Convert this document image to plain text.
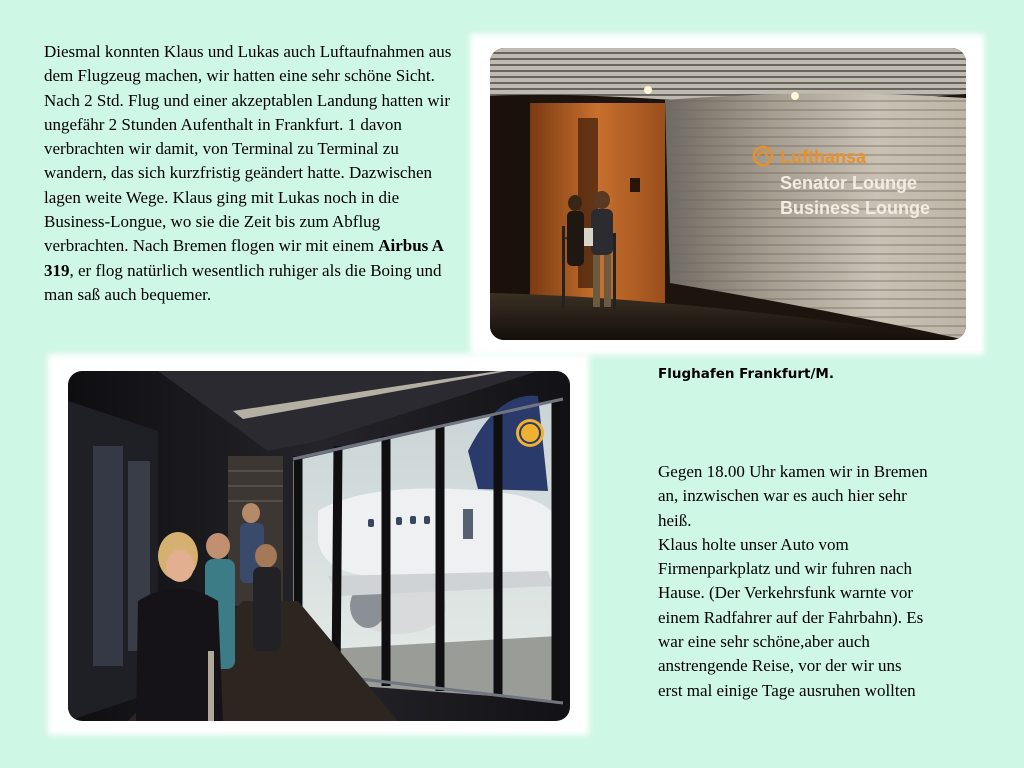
Diesmal konnten Klaus und Lukas auch Luftaufnahmen aus dem Flugzeug machen, wir hatten eine sehr schöne Sicht. Nach 2 Std. Flug und einer akzeptablen Landung hatten wir ungefähr 2 Stunden Aufenthalt in Frankfurt. 1 davon verbrachten wir damit, von Terminal zu Terminal zu wandern, das sich kurzfristig geändert hatte. Dazwischen lagen weite Wege. Klaus ging mit Lukas noch in die Business-Longue, wo sie die Zeit bis zum Abflug verbrachten. Nach Bremen flogen wir mit einem Airbus A 319, er flog natürlich wesentlich ruhiger als die Boing und man saß auch bequemer.

Lufthansa
Senator Lounge
Business Lounge

Flughafen Frankfurt/M.

Gegen 18.00 Uhr kamen wir in Bremen an, inzwischen war es auch hier sehr heiß.
Klaus holte unser Auto vom Firmenparkplatz und wir fuhren nach Hause. (Der Verkehrsfunk warnte vor einem Radfahrer auf der Fahrbahn). Es war eine sehr schöne,aber auch anstrengende Reise, vor der wir uns erst mal einige Tage ausruhen wollten
